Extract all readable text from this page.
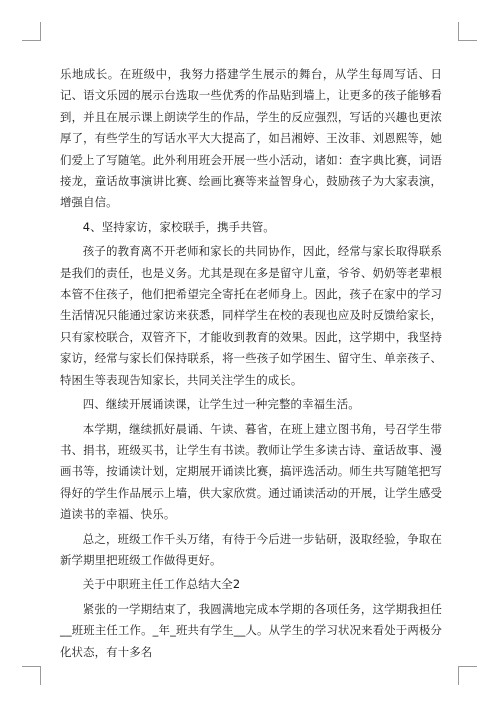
乐地成长。在班级中，我努力搭建学生展示的舞台，从学生每周写话、日记、语文乐园的展示台选取一些优秀的作品贴到墙上，让更多的孩子能够看到，并且在展示课上朗读学生的作品，学生的反应强烈，写话的兴趣也更浓厚了，有些学生的写话水平大大提高了，如吕湘婷、王汝菲、刘恩熙等，她们爱上了写随笔。此外利用班会开展一些小活动，诸如：查字典比赛，词语接龙，童话故事演讲比赛、绘画比赛等来益智身心，鼓励孩子为大家表演，增强自信。

4、坚持家访，家校联手，携手共管。

孩子的教育离不开老师和家长的共同协作，因此，经常与家长取得联系是我们的责任，也是义务。尤其是现在多是留守儿童，爷爷、奶奶等老辈根本管不住孩子，他们把希望完全寄托在老师身上。因此，孩子在家中的学习生活情况只能通过家访来获悉，同样学生在校的表现也应及时反馈给家长，只有家校联合，双管齐下，才能收到教育的效果。因此，这学期中，我坚持家访，经常与家长们保持联系，将一些孩子如学困生、留守生、单亲孩子、特困生等表现告知家长，共同关注学生的成长。

四、继续开展诵读课，让学生过一种完整的幸福生活。

本学期，继续抓好晨诵、午读、暮省，在班上建立图书角，号召学生带书、捐书，班级买书，让学生有书读。教师让学生多读古诗、童话故事、漫画书等，按诵读计划，定期展开诵读比赛，搞评选活动。师生共写随笔把写得好的学生作品展示上墙，供大家欣赏。通过诵读活动的开展，让学生感受道读书的幸福、快乐。

总之，班级工作千头万绪，有待于今后进一步钻研，汲取经验，争取在新学期里把班级工作做得更好。

关于中职班主任工作总结大全2

紧张的一学期结束了，我圆满地完成本学期的各项任务，这学期我担任__班班主任工作。_年_班共有学生__人。从学生的学习状况来看处于两极分化状态，有十多名
